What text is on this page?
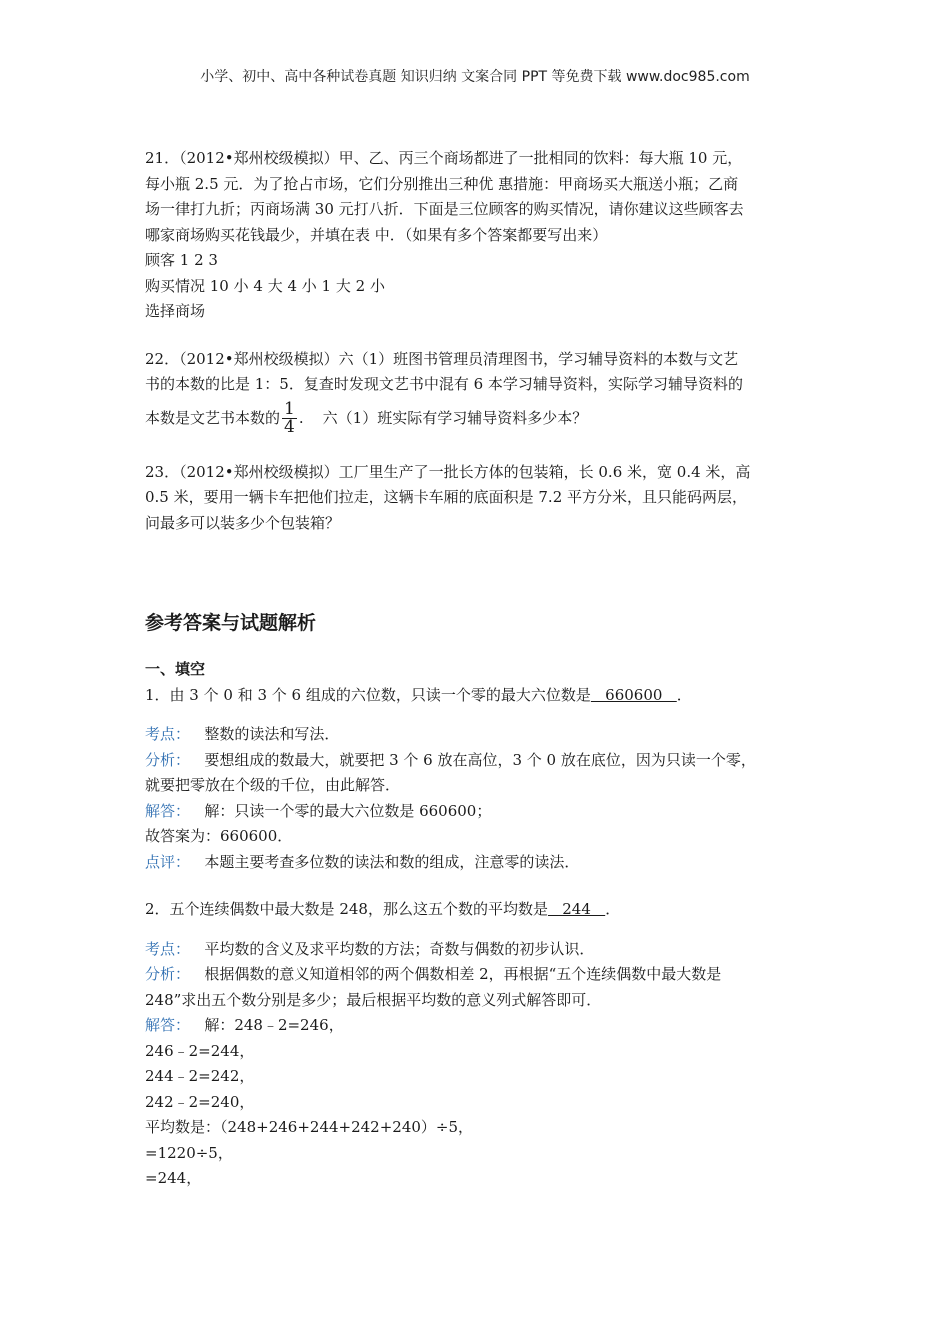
小学、初中、高中各种试卷真题 知识归纳 文案合同 PPT 等免费下载 www.doc985.com

21．（2012•郑州校级模拟）甲、乙、丙三个商场都进了一批相同的饮料：每大瓶 10 元，

每小瓶 2.5 元．为了抢占市场，它们分别推出三种优 惠措施：甲商场买大瓶送小瓶；乙商

场一律打九折；丙商场满 30 元打八折．下面是三位顾客的购买情况，请你建议这些顾客去

哪家商场购买花钱最少，并填在表 中．（如果有多个答案都要写出来）

顾客 1 2 3

购买情况 10 小 4 大 4 小 1 大 2 小

选择商场

22．（2012•郑州校级模拟）六（1）班图书管理员清理图书，学习辅导资料的本数与文艺

书的本数的比是 1：5．复查时发现文艺书中混有 6 本学习辅导资料，实际学习辅导资料的

本数是文艺书本数的 $\frac{1}{4}$ .    六（1）班实际有学习辅导资料多少本？

23．（2012•郑州校级模拟）工厂里生产了一批长方体的包装箱，长 0.6 米，宽 0.4 米，高

0.5 米，要用一辆卡车把他们拉走，这辆卡车厢的底面积是 7.2 平方分米，且只能码两层，

问最多可以装多少个包装箱？

参考答案与试题解析

一、填空

1．由 3 个 0 和 3 个 6 组成的六位数，只读一个零的最大六位数是   660600   ．

考点：   整数的读法和写法．

分析：   要想组成的数最大，就要把 3 个 6 放在高位，3 个 0 放在底位，因为只读一个零，

就要把零放在个级的千位，由此解答．

解答：   解：只读一个零的最大六位数是 660600；

故答案为：660600．

点评：   本题主要考查多位数的读法和数的组成，注意零的读法．

2．五个连续偶数中最大数是 248，那么这五个数的平均数是   244   ．

考点：   平均数的含义及求平均数的方法；奇数与偶数的初步认识．

分析：   根据偶数的意义知道相邻的两个偶数相差 2，再根据“五个连续偶数中最大数是

248”求出五个数分别是多少；最后根据平均数的意义列式解答即可．

解答：   解：248﹣2=246，

246﹣2=244，

244﹣2=242，

242﹣2=240，

平均数是：（248+246+244+242+240）÷5，

=1220÷5，

=244，
